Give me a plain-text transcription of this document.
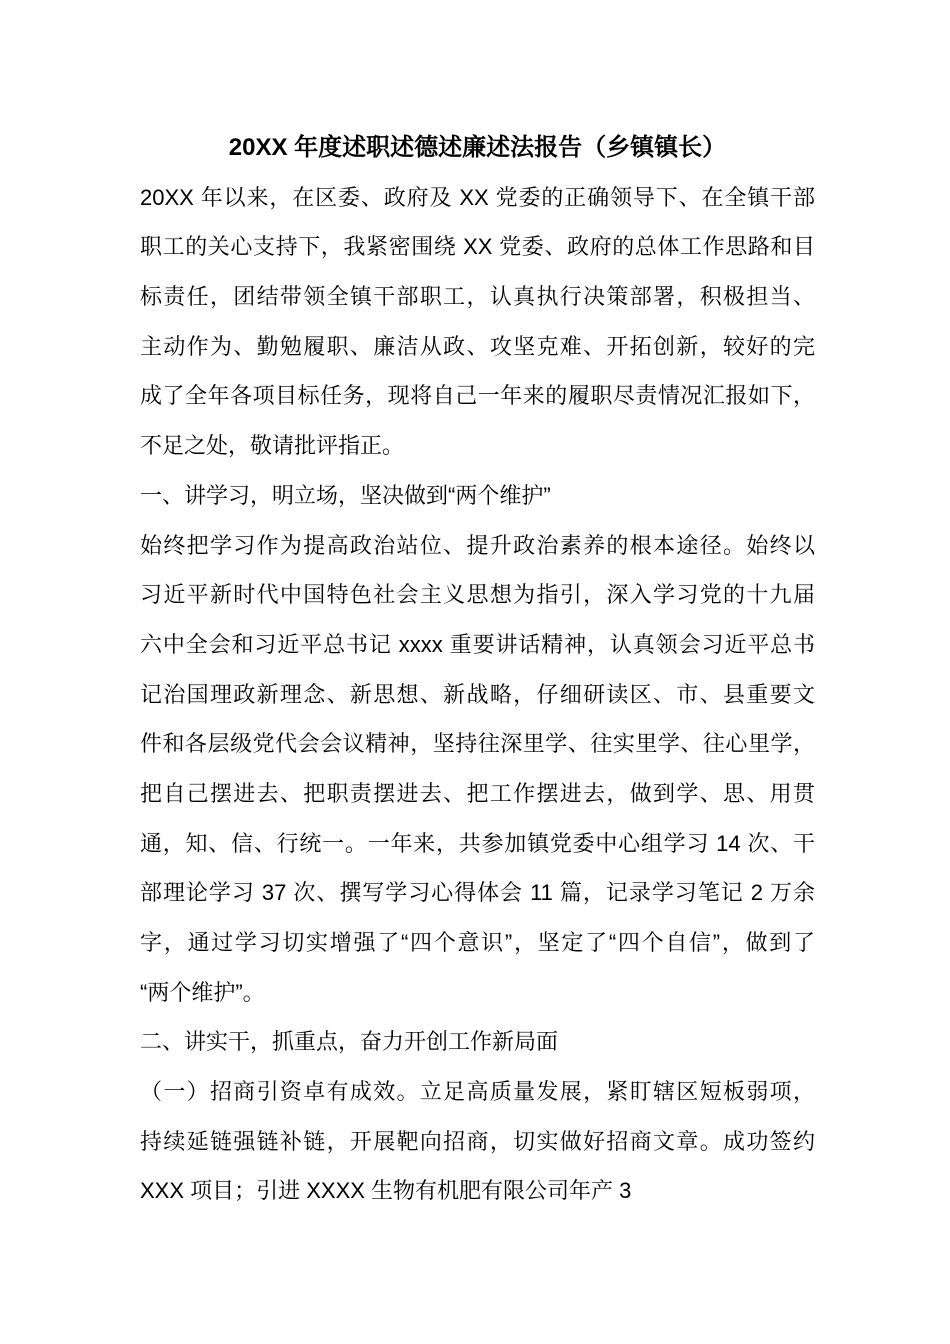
20XX 年度述职述德述廉述法报告（乡镇镇长）
20XX 年以来，在区委、政府及 XX 党委的正确领导下、在全镇干部
职工的关心支持下，我紧密围绕 XX 党委、政府的总体工作思路和目
标责任，团结带领全镇干部职工，认真执行决策部署，积极担当、
主动作为、勤勉履职、廉洁从政、攻坚克难、开拓创新，较好的完
成了全年各项目标任务，现将自己一年来的履职尽责情况汇报如下，
不足之处，敬请批评指正。
一、讲学习，明立场，坚决做到“两个维护”
始终把学习作为提高政治站位、提升政治素养的根本途径。始终以
习近平新时代中国特色社会主义思想为指引，深入学习党的十九届
六中全会和习近平总书记 xxxx 重要讲话精神，认真领会习近平总书
记治国理政新理念、新思想、新战略，仔细研读区、市、县重要文
件和各层级党代会会议精神，坚持往深里学、往实里学、往心里学，
把自己摆进去、把职责摆进去、把工作摆进去，做到学、思、用贯
通，知、信、行统一。一年来，共参加镇党委中心组学习 14 次、干
部理论学习 37 次、撰写学习心得体会 11 篇，记录学习笔记 2 万余
字，通过学习切实增强了“四个意识”，坚定了“四个自信”，做到了
“两个维护”。
二、讲实干，抓重点，奋力开创工作新局面
（一）招商引资卓有成效。立足高质量发展，紧盯辖区短板弱项，
持续延链强链补链，开展靶向招商，切实做好招商文章。成功签约
XXX 项目；引进 XXXX 生物有机肥有限公司年产 3
